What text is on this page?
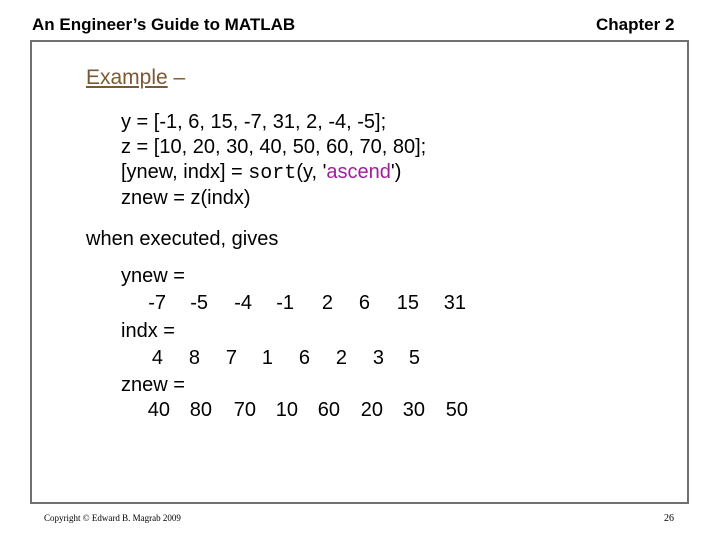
An Engineer’s Guide to MATLAB	Chapter 2
Example –
y = [-1, 6, 15, -7, 31, 2, -4, -5];
z = [10, 20, 30, 40, 50, 60, 70, 80];
[ynew, indx] = sort(y, 'ascend')
znew = z(indx)
when executed, gives
ynew =
-7 -5 -4 -1 2 6 15 31
indx =
4 8 7 1 6 2 3 5
znew =
40 80 70 10 60 20 30 50
Copyright © Edward B. Magrab 2009	26
